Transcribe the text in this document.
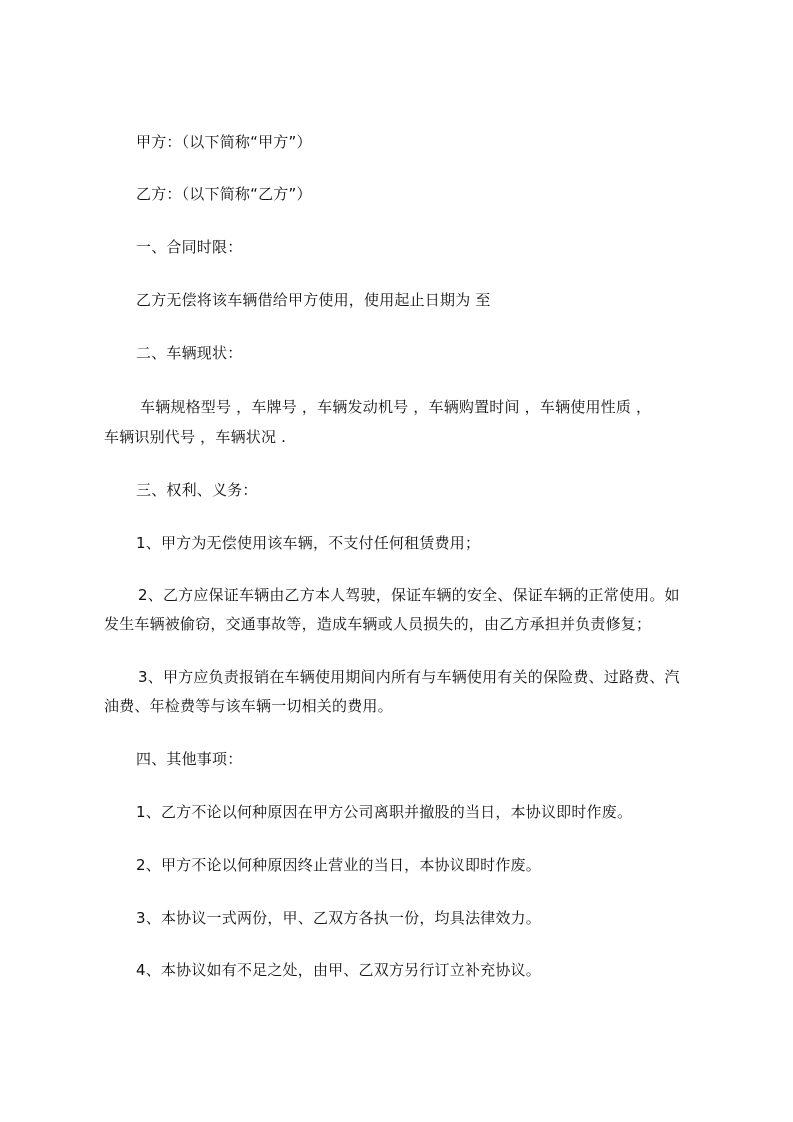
甲方：（以下简称“甲方”）
乙方：（以下简称“乙方”）
一、合同时限：
乙方无偿将该车辆借给甲方使用，使用起止日期为 至
二、车辆现状：
车辆规格型号 ，车牌号 ，车辆发动机号 ，车辆购置时间 ，车辆使用性质 ，
车辆识别代号 ，车辆状况 .
三、权利、义务：
1、甲方为无偿使用该车辆，不支付任何租赁费用；
2、乙方应保证车辆由乙方本人驾驶，保证车辆的安全、保证车辆的正常使用。如
发生车辆被偷窃，交通事故等，造成车辆或人员损失的，由乙方承担并负责修复；
3、甲方应负责报销在车辆使用期间内所有与车辆使用有关的保险费、过路费、汽
油费、年检费等与该车辆一切相关的费用。
四、其他事项：
1、乙方不论以何种原因在甲方公司离职并撤股的当日，本协议即时作废。
2、甲方不论以何种原因终止营业的当日，本协议即时作废。
3、本协议一式两份，甲、乙双方各执一份，均具法律效力。
4、本协议如有不足之处，由甲、乙双方另行订立补充协议。
